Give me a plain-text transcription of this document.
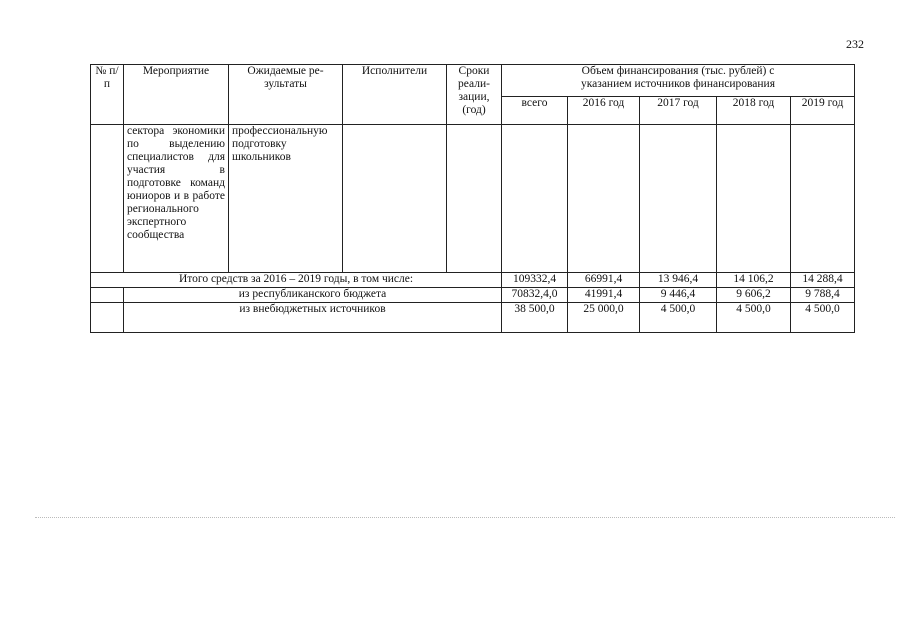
232
№ п/п	Мероприятие	Ожидаемые ре-зультаты	Исполнители	Сроки реали-зации, (год)	Объем финансирования (тыс. рублей) с указанием источников финансирования				
					всего	2016 год	2017 год	2018 год	2019 год
	сектора экономики по выделению специалистов для участия в подготовке команд юниоров и в работе регионального экспертного сообщества	профессиональную подготовку школьников							
Итого средств за 2016 – 2019 годы, в том числе:					109332,4	66991,4	13 946,4	14 106,2	14 288,4
	из республиканского бюджета				70832,4,0	41991,4	9 446,4	9 606,2	9 788,4
	из внебюджетных источников				38 500,0	25 000,0	4 500,0	4 500,0	4 500,0
